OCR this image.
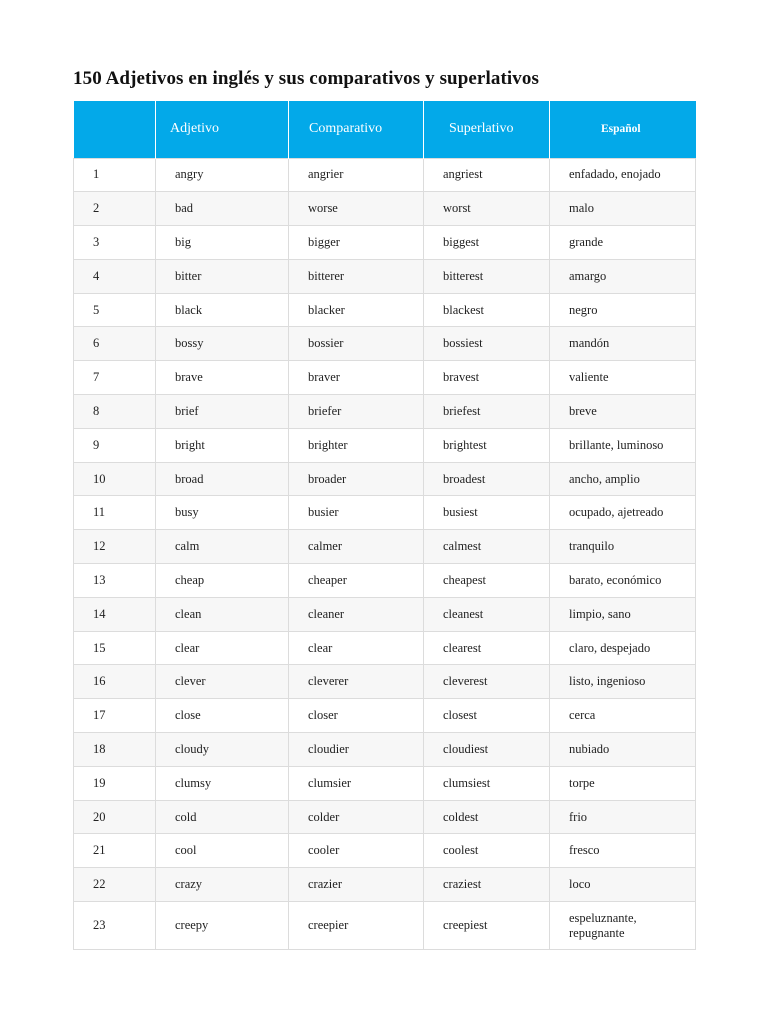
150 Adjetivos en inglés y sus comparativos y superlativos
	Adjetivo	Comparativo	Superlativo	Español
1	angry	angrier	angriest	enfadado, enojado
2	bad	worse	worst	malo
3	big	bigger	biggest	grande
4	bitter	bitterer	bitterest	amargo
5	black	blacker	blackest	negro
6	bossy	bossier	bossiest	mandón
7	brave	braver	bravest	valiente
8	brief	briefer	briefest	breve
9	bright	brighter	brightest	brillante, luminoso
10	broad	broader	broadest	ancho, amplio
11	busy	busier	busiest	ocupado, ajetreado
12	calm	calmer	calmest	tranquilo
13	cheap	cheaper	cheapest	barato, económico
14	clean	cleaner	cleanest	limpio, sano
15	clear	clear	clearest	claro, despejado
16	clever	cleverer	cleverest	listo, ingenioso
17	close	closer	closest	cerca
18	cloudy	cloudier	cloudiest	nubiado
19	clumsy	clumsier	clumsiest	torpe
20	cold	colder	coldest	frio
21	cool	cooler	coolest	fresco
22	crazy	crazier	craziest	loco
23	creepy	creepier	creepiest	espeluznante, repugnante
